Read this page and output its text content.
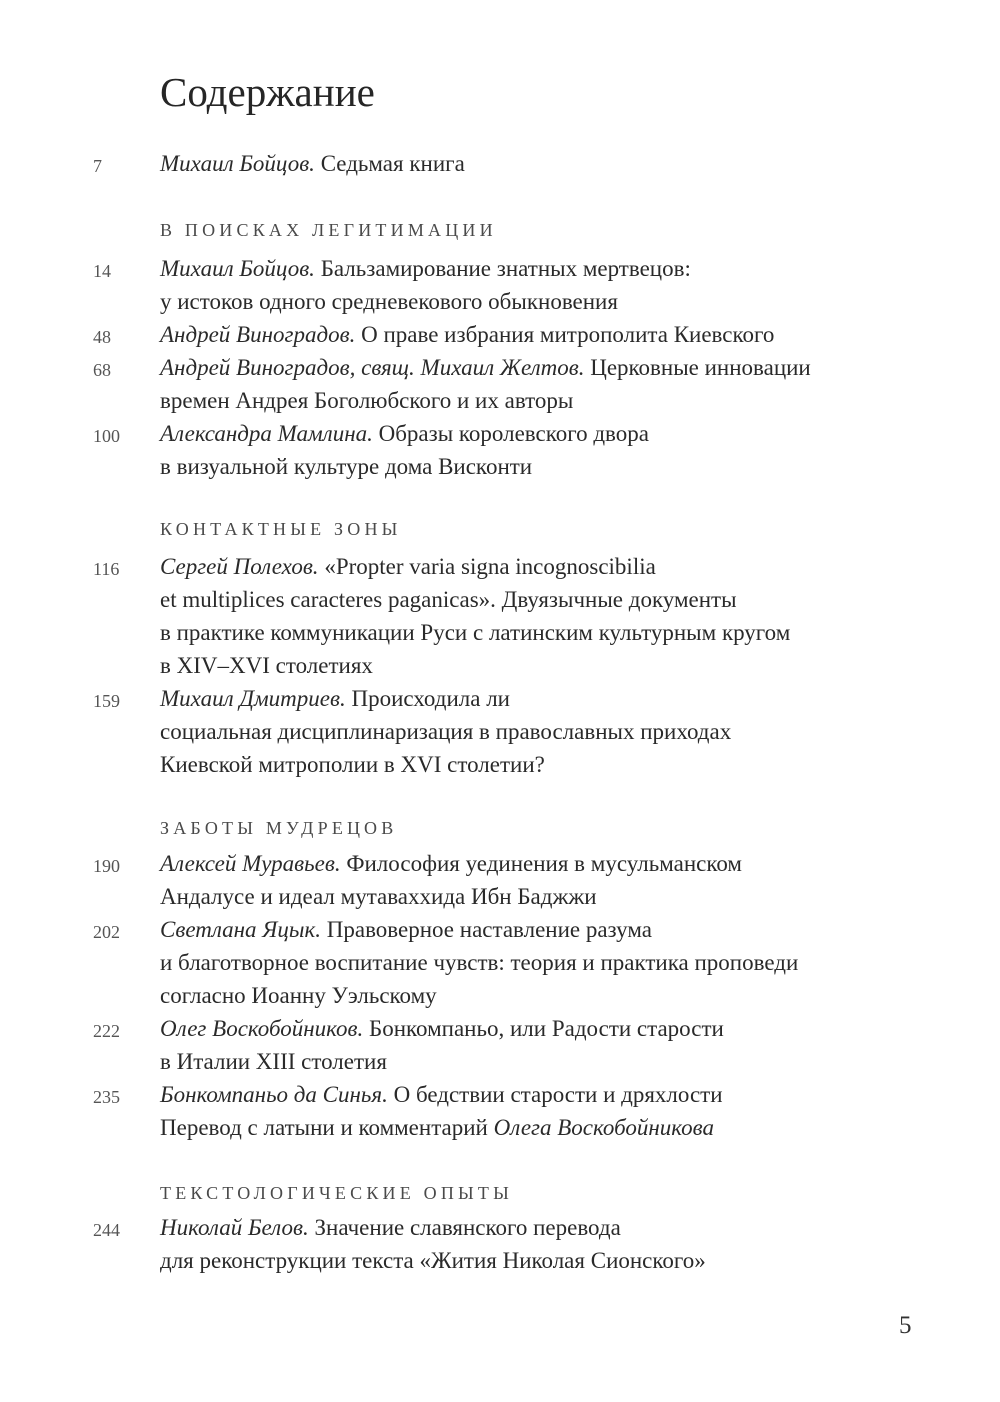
Содержание
7	Михаил Бойцов. Седьмая книга
В ПОИСКАХ ЛЕГИТИМАЦИИ
14	Михаил Бойцов. Бальзамирование знатных мертвецов:
у истоков одного средневекового обыкновения
48	Андрей Виноградов. О праве избрания митрополита Киевского
68	Андрей Виноградов, свящ. Михаил Желтов. Церковные инновации
времен Андрея Боголюбского и их авторы
100	Александра Мамлина. Образы королевского двора
в визуальной культуре дома Висконти
КОНТАКТНЫЕ ЗОНЫ
116	Сергей Полехов. «Propter varia signa incognoscibilia
et multiplices caracteres paganicas». Двуязычные документы
в практике коммуникации Руси с латинским культурным кругом
в XIV–XVI столетиях
159	Михаил Дмитриев. Происходила ли
социальная дисциплинаризация в православных приходах
Киевской митрополии в XVI столетии?
ЗАБОТЫ МУДРЕЦОВ
190	Алексей Муравьев. Философия уединения в мусульманском
Андалусе и идеал мутаваххида Ибн Баджжи
202	Светлана Яцык. Правоверное наставление разума
и благотворное воспитание чувств: теория и практика проповеди
согласно Иоанну Уэльскому
222	Олег Воскобойников. Бонкомпаньо, или Радости старости
в Италии XIII столетия
235	Бонкомпаньо да Синья. О бедствии старости и дряхлости
Перевод с латыни и комментарий Олега Воскобойникова
ТЕКСТОЛОГИЧЕСКИЕ ОПЫТЫ
244	Николай Белов. Значение славянского перевода
для реконструкции текста «Жития Николая Сионского»
5
